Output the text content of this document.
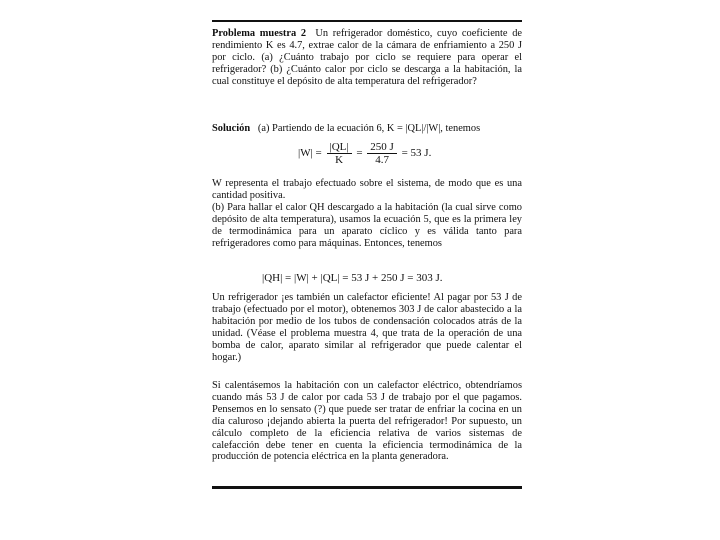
Problema muestra 2 Un refrigerador doméstico, cuyo coeficiente de rendimiento K es 4.7, extrae calor de la cámara de enfriamiento a 250 J por ciclo. (a) ¿Cuánto trabajo por ciclo se requiere para operar el refrigerador? (b) ¿Cuánto calor por ciclo se descarga a la habitación, la cual constituye el depósito de alta temperatura del refrigerador?

Solución (a) Partiendo de la ecuación 6, K = |QL|/|W|, tenemos

$|W| = \frac{|QL|}{K} = \frac{250 J}{4.7} = 53$ J.

W representa el trabajo efectuado sobre el sistema, de modo que es una cantidad positiva.

(b) Para hallar el calor QH descargado a la habitación (la cual sirve como depósito de alta temperatura), usamos la ecuación 5, que es la primera ley de termodinámica para un aparato cíclico y es válida tanto para refrigeradores como para máquinas. Entonces, tenemos

|QH| = |W| + |QL| = 53 J + 250 J = 303 J.

Un refrigerador ¡es también un calefactor eficiente! Al pagar por 53 J de trabajo (efectuado por el motor), obtenemos 303 J de calor abastecido a la habitación por medio de los tubos de condensación colocados atrás de la unidad. (Véase el problema muestra 4, que trata de la operación de una bomba de calor, aparato similar al refrigerador que puede calentar el hogar.)

Si calentásemos la habitación con un calefactor eléctrico, obtendríamos cuando más 53 J de calor por cada 53 J de trabajo por el que pagamos. Pensemos en lo sensato (?) que puede ser tratar de enfriar la cocina en un día caluroso ¡dejando abierta la puerta del refrigerador! Por supuesto, un cálculo completo de la eficiencia relativa de varios sistemas de calefacción debe tener en cuenta la eficiencia termodinámica de la producción de potencia eléctrica en la planta generadora.
